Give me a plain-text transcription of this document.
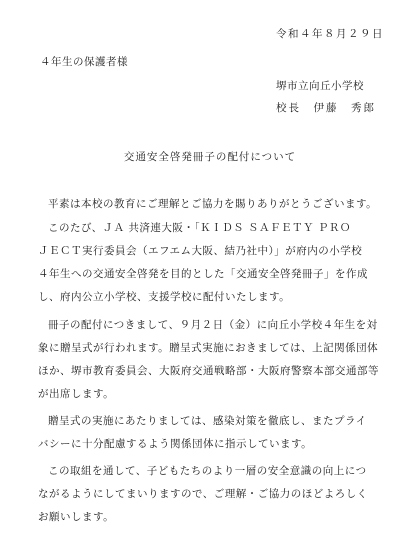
令和４年８月２９日
４年生の保護者様
堺市立向丘小学校
校長　伊藤　秀郎
交通安全啓発冊子の配付について
平素は本校の教育にご理解とご協力を賜りありがとうございます。
このたび、ＪＡ 共済連大阪・「ＫＩＤＳ ＳＡＦＥＴＹ ＰＲＯ
ＪＥＣＴ実行委員会（エフエム大阪、結乃社中）」が府内の小学校
４年生への交通安全啓発を目的とした「交通安全啓発冊子」を作成
し、府内公立小学校、支援学校に配付いたします。
冊子の配付につきまして、９月２日（金）に向丘小学校４年生を対
象に贈呈式が行われます。贈呈式実施におきましては、上記関係団体
ほか、堺市教育委員会、大阪府交通戦略部・大阪府警察本部交通部等
が出席します。
贈呈式の実施にあたりましては、感染対策を徹底し、またプライ
バシーに十分配慮するよう関係団体に指示しています。
この取組を通して、子どもたちのより一層の安全意識の向上につ
ながるようにしてまいりますので、ご理解・ご協力のほどよろしく
お願いします。
